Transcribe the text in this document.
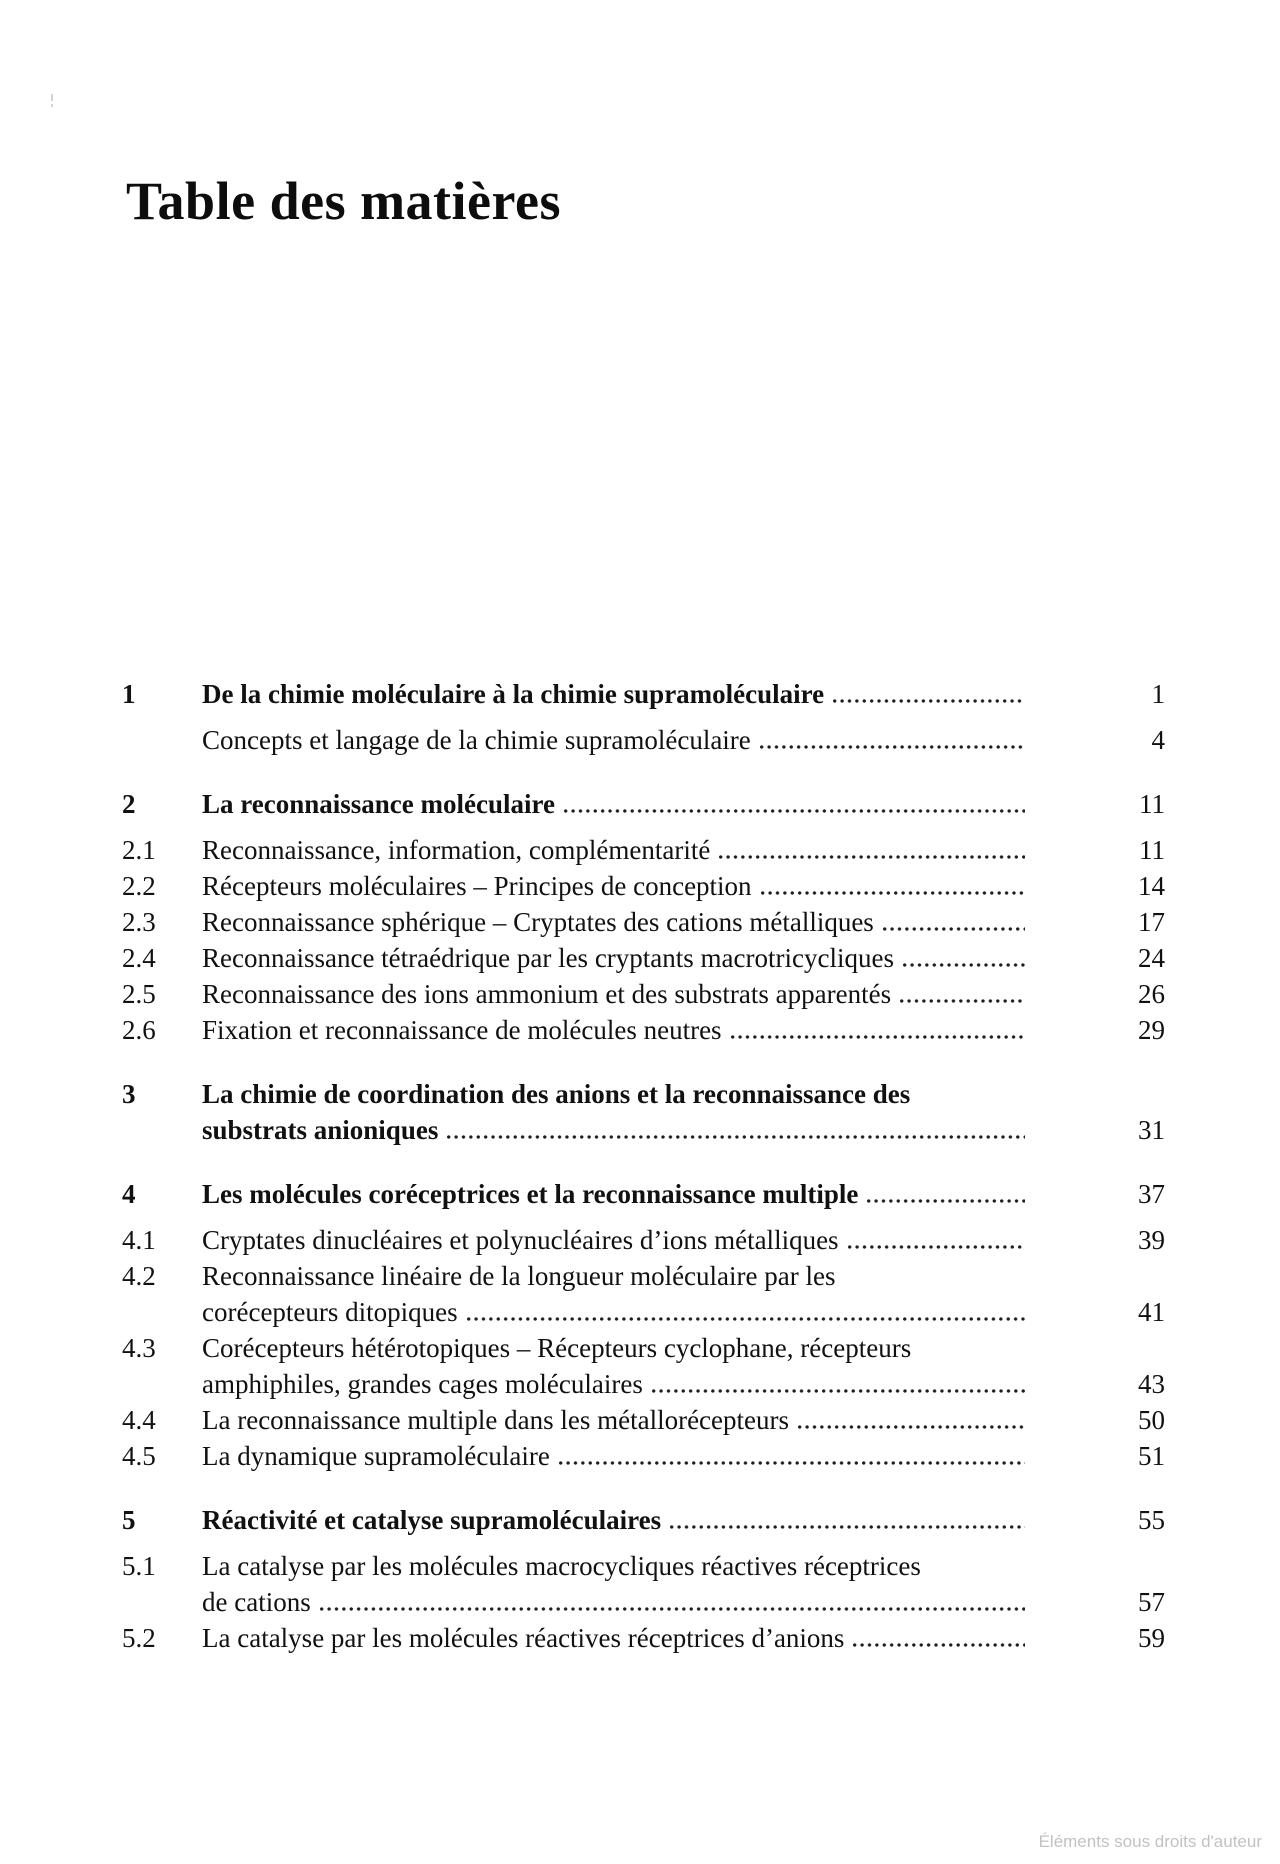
Table des matières
1	De la chimie moléculaire à la chimie supramoléculaire	1
Concepts et langage de la chimie supramoléculaire	4
2	La reconnaissance moléculaire	11
2.1	Reconnaissance, information, complémentarité	11
2.2	Récepteurs moléculaires – Principes de conception	14
2.3	Reconnaissance sphérique – Cryptates des cations métalliques	17
2.4	Reconnaissance tétraédrique par les cryptants macrotricycliques	24
2.5	Reconnaissance des ions ammonium et des substrats apparentés	26
2.6	Fixation et reconnaissance de molécules neutres	29
3	La chimie de coordination des anions et la reconnaissance des
substrats anioniques	31
4	Les molécules coréceptrices et la reconnaissance multiple	37
4.1	Cryptates dinucléaires et polynucléaires d’ions métalliques	39
4.2	Reconnaissance linéaire de la longueur moléculaire par les
corécepteurs ditopiques	41
4.3	Corécepteurs hétérotopiques – Récepteurs cyclophane, récepteurs
amphiphiles, grandes cages moléculaires	43
4.4	La reconnaissance multiple dans les métallorécepteurs	50
4.5	La dynamique supramoléculaire	51
5	Réactivité et catalyse supramoléculaires	55
5.1	La catalyse par les molécules macrocycliques réactives réceptrices
de cations	57
5.2	La catalyse par les molécules réactives réceptrices d’anions	59
Éléments sous droits d'auteur
